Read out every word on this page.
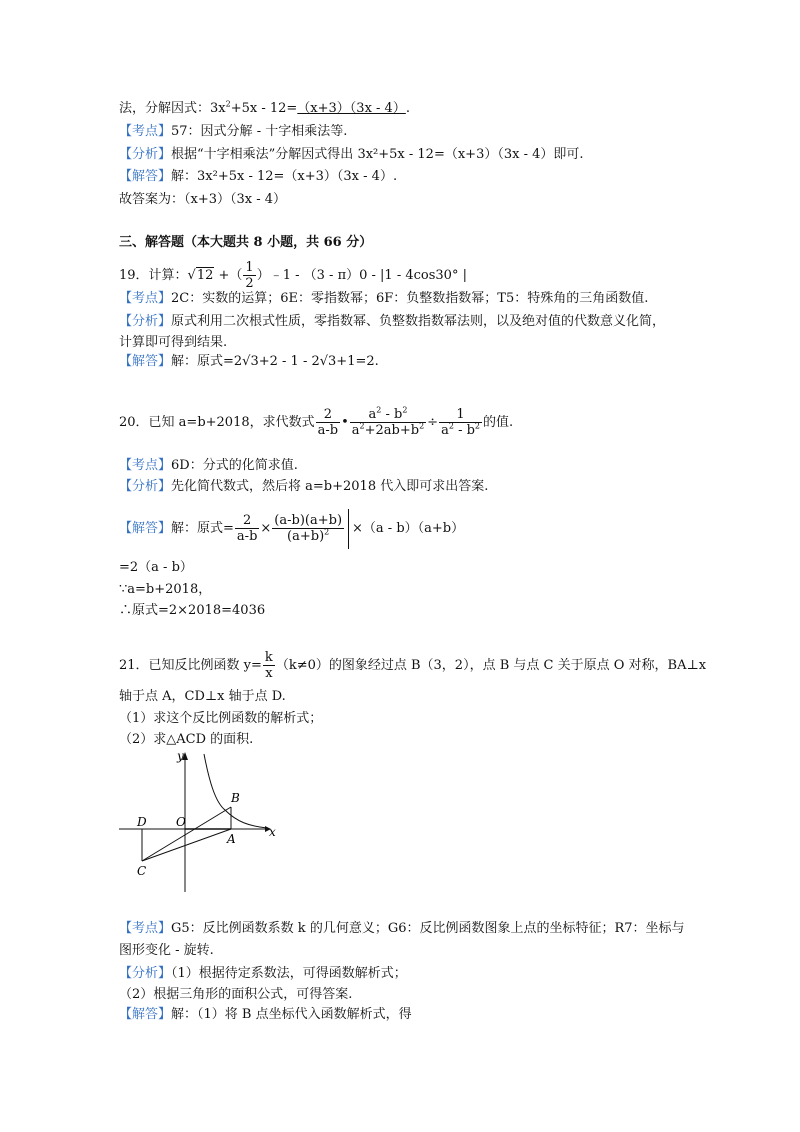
法，分解因式：$3x^2+5x - 12=(x+3)(3x - 4)$.
【考点】57：因式分解 - 十字相乘法等.
【分析】根据“十字相乘法”分解因式得出 3x²+5x - 12=（x+3）（3x - 4）即可.
【解答】解：3x²+5x - 12=（x+3）（3x - 4）.
故答案为：（x+3）（3x - 4）
三、解答题（本大题共 8 小题，共 66 分）
19．计算：√12 +（ $\frac{1}{2}$ ）﹣1 - （3 - π）0 - |1 - 4cos30° |
【考点】2C：实数的运算；6E：零指数幂；6F：负整数指数幂；T5：特殊角的三角函数值.
【分析】原式利用二次根式性质，零指数幂、负整数指数幂法则，以及绝对值的代数意义化简，
计算即可得到结果.
【解答】解：原式=2√3+2 - 1 - 2√3+1=2.
20．已知 a=b+2018，求代数式 $\frac{2}{a-b}$ • $\frac{a^2 - b^2}{a^2+2ab+b^2} \div \frac{1}{a^2 - b^2}$ 的值.
【考点】6D：分式的化简求值.
【分析】先化简代数式，然后将 a=b+2018 代入即可求出答案.
【解答】解：原式= $\frac{2}{a-b} \times \frac{(a-b)(a+b)}{(a+b)^2} \times(a - b)(a+b)$
=2（a - b）
∵a=b+2018，
∴原式=2×2018=4036
21．已知反比例函数 $y= \frac{k}{x} (k\ne 0)$的图象经过点 B（3，2），点 B 与点 C 关于原点 O 对称，BA⊥x
轴于点 A，CD⊥x 轴于点 D.
（1）求这个反比例函数的解析式；
（2）求△ACD 的面积.
y
x
B
D O
A
C
【考点】G5：反比例函数系数 k 的几何意义；G6：反比例函数图象上点的坐标特征；R7：坐标与
图形变化 - 旋转.
【分析】（1）根据待定系数法，可得函数解析式；
（2）根据三角形的面积公式，可得答案.
【解答】解：（1）将 B 点坐标代入函数解析式，得
